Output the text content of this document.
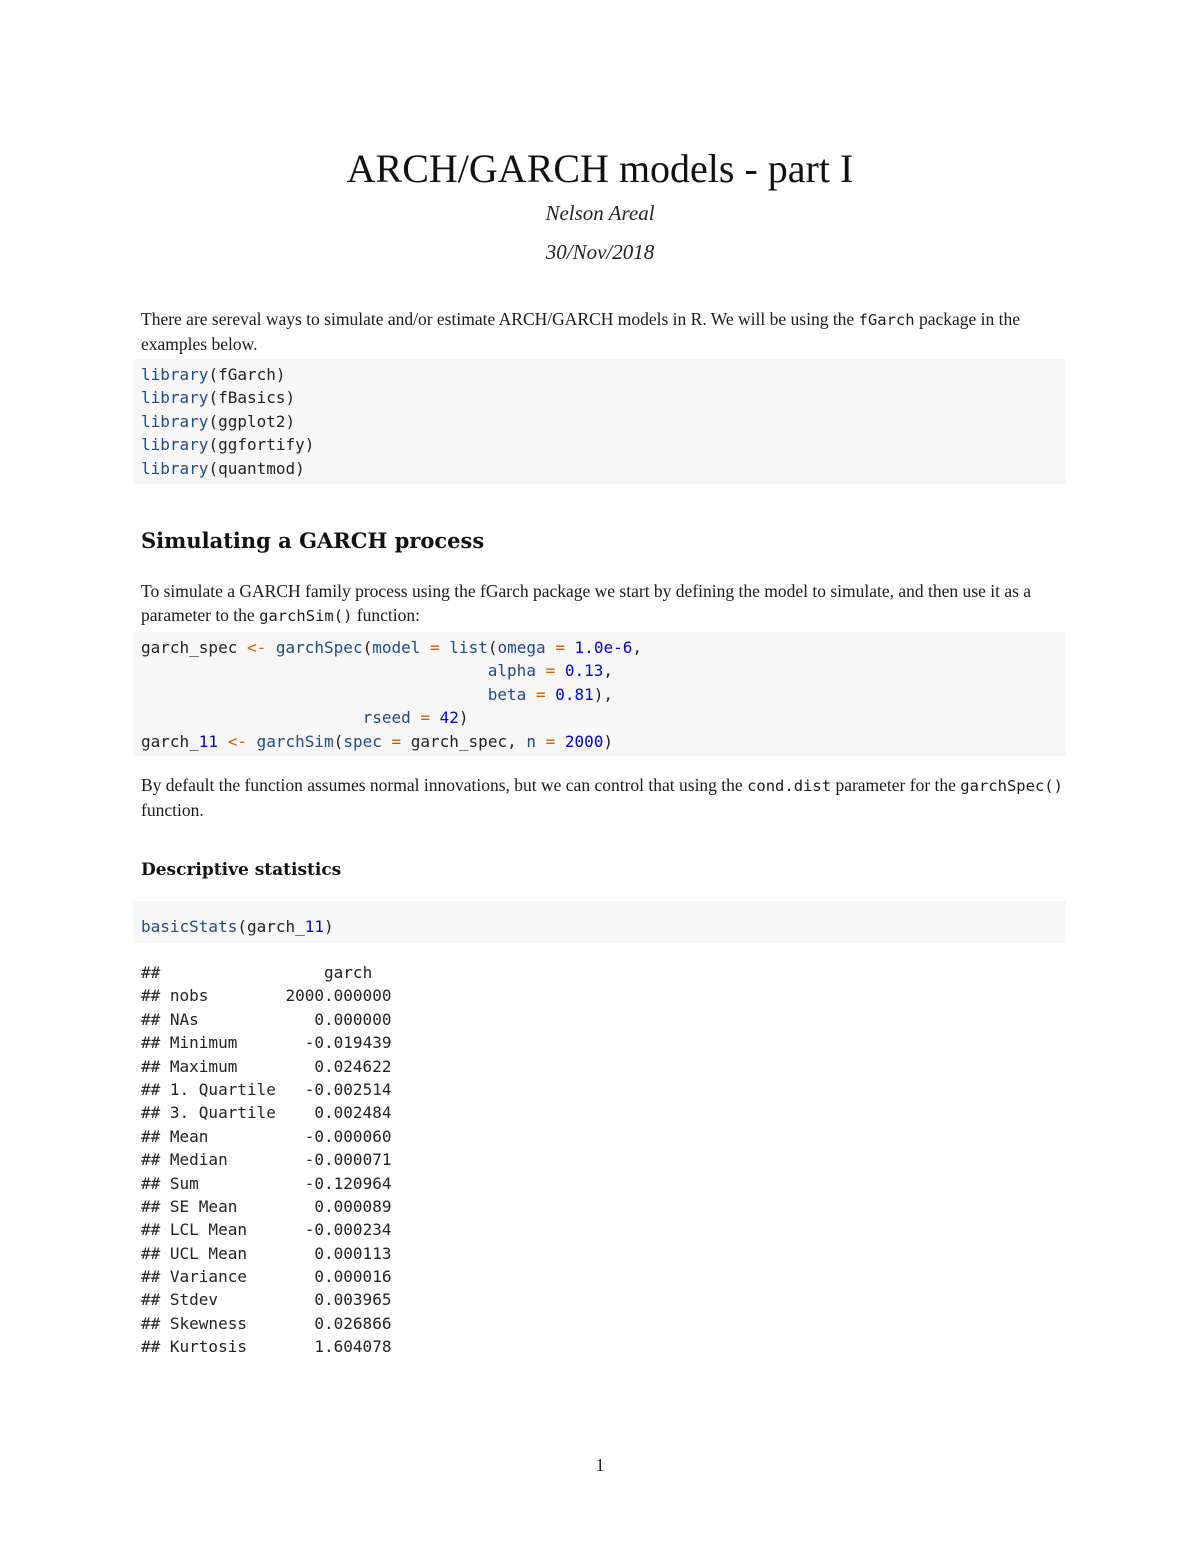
ARCH/GARCH models - part I
Nelson Areal
30/Nov/2018
There are sereval ways to simulate and/or estimate ARCH/GARCH models in R. We will be using the fGarch package in the examples below.
library(fGarch)
library(fBasics)
library(ggplot2)
library(ggfortify)
library(quantmod)
Simulating a GARCH process
To simulate a GARCH family process using the fGarch package we start by defining the model to simulate, and then use it as a parameter to the garchSim() function:
garch_spec <- garchSpec(model = list(omega = 1.0e-6,
alpha = 0.13,
beta = 0.81),
rseed = 42)
garch_11 <- garchSim(spec = garch_spec, n = 2000)
By default the function assumes normal innovations, but we can control that using the cond.dist parameter for the garchSpec() function.
Descriptive statistics
basicStats(garch_11)
##                 garch
## nobs        2000.000000
## NAs            0.000000
## Minimum       -0.019439
## Maximum        0.024622
## 1. Quartile   -0.002514
## 3. Quartile    0.002484
## Mean          -0.000060
## Median        -0.000071
## Sum           -0.120964
## SE Mean        0.000089
## LCL Mean      -0.000234
## UCL Mean       0.000113
## Variance       0.000016
## Stdev          0.003965
## Skewness       0.026866
## Kurtosis       1.604078
1
